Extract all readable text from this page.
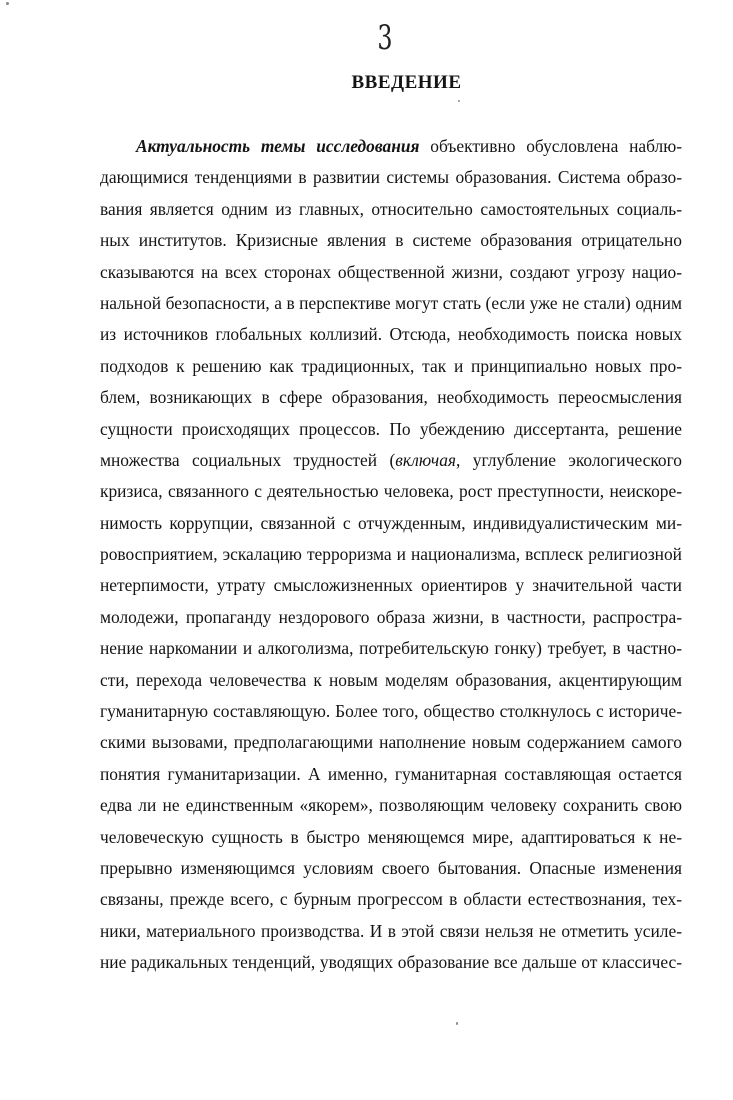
3
ВВЕДЕНИЕ
Актуальность темы исследования объективно обусловлена наблю-
дающимися тенденциями в развитии системы образования. Система образо-
вания является одним из главных, относительно самостоятельных социаль-
ных институтов. Кризисные явления в системе образования отрицательно
сказываются на всех сторонах общественной жизни, создают угрозу нацио-
нальной безопасности, а в перспективе могут стать (если уже не стали) одним
из источников глобальных коллизий. Отсюда, необходимость поиска новых
подходов к решению как традиционных, так и принципиально новых про-
блем, возникающих в сфере образования, необходимость переосмысления
сущности происходящих процессов. По убеждению диссертанта, решение
множества социальных трудностей (включая, углубление экологического
кризиса, связанного с деятельностью человека, рост преступности, неискоре-
нимость коррупции, связанной с отчужденным, индивидуалистическим ми-
ровосприятием, эскалацию терроризма и национализма, всплеск религиозной
нетерпимости, утрату смысложизненных ориентиров у значительной части
молодежи, пропаганду нездорового образа жизни, в частности, распростра-
нение наркомании и алкоголизма, потребительскую гонку) требует, в частно-
сти, перехода человечества к новым моделям образования, акцентирующим
гуманитарную составляющую. Более того, общество столкнулось с историче-
скими вызовами, предполагающими наполнение новым содержанием самого
понятия гуманитаризации. А именно, гуманитарная составляющая остается
едва ли не единственным «якорем», позволяющим человеку сохранить свою
человеческую сущность в быстро меняющемся мире, адаптироваться к не-
прерывно изменяющимся условиям своего бытования. Опасные изменения
связаны, прежде всего, с бурным прогрессом в области естествознания, тех-
ники, материального производства. И в этой связи нельзя не отметить усиле-
ние радикальных тенденций, уводящих образование все дальше от классичес-
